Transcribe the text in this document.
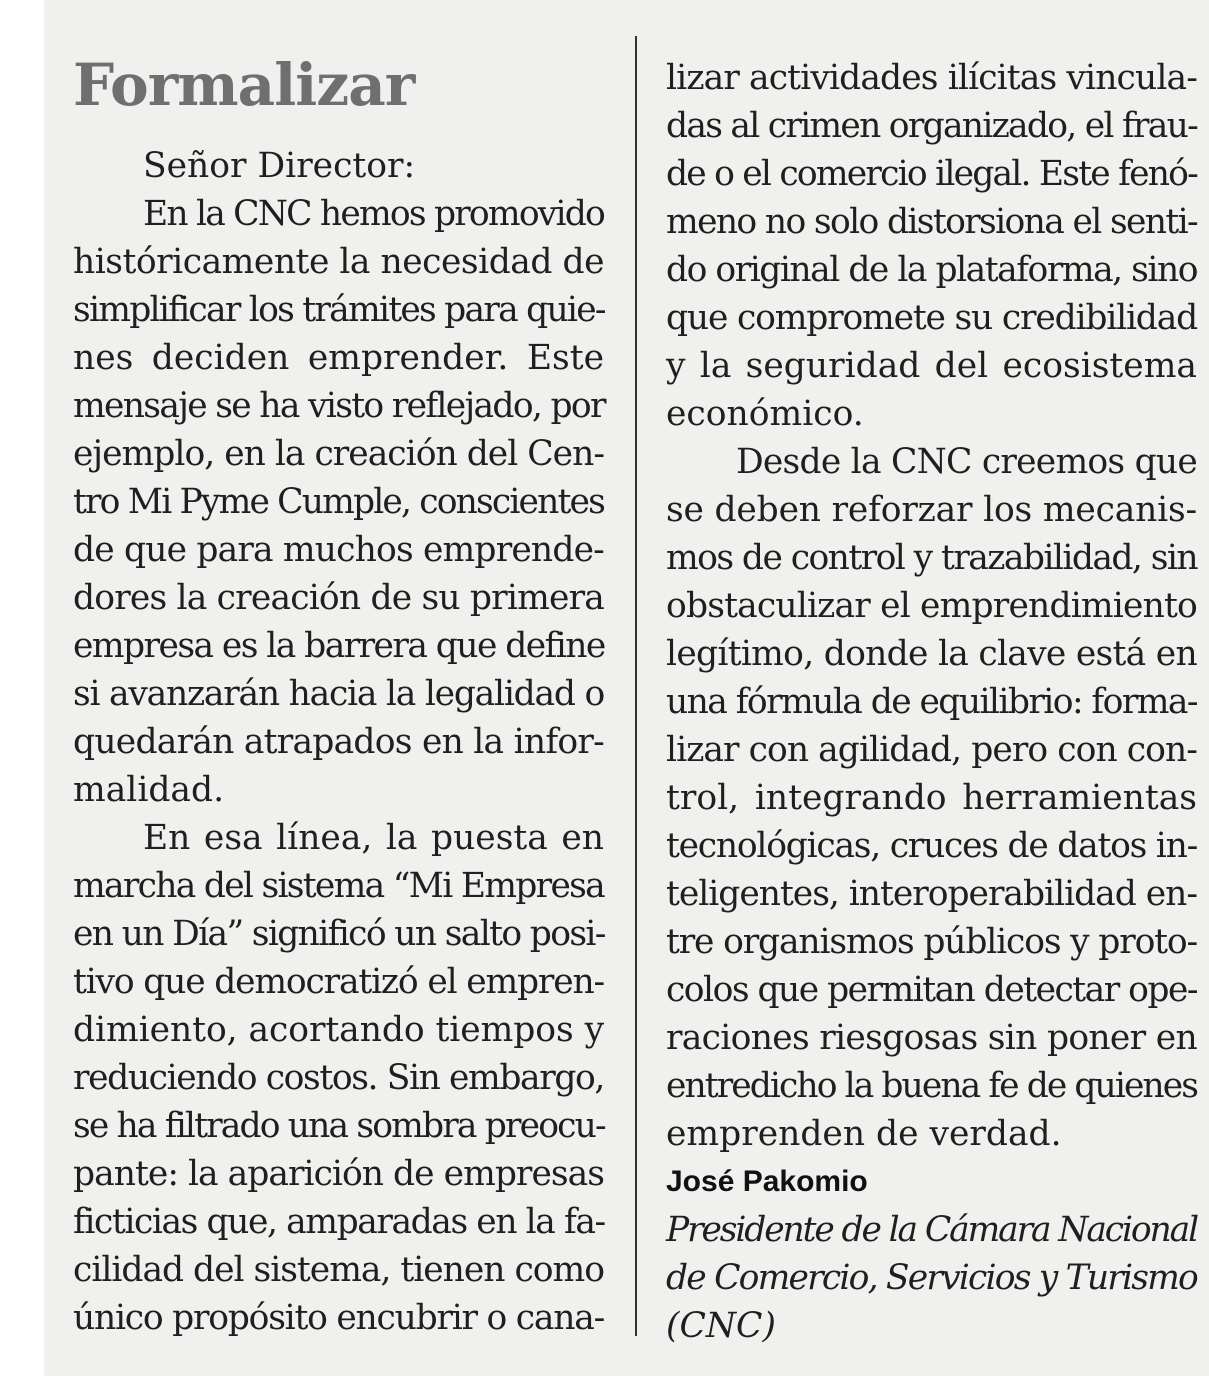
Formalizar
Señor Director:
En la CNC hemos promovido
históricamente la necesidad de
simplificar los trámites para quie-
nes deciden emprender. Este
mensaje se ha visto reflejado, por
ejemplo, en la creación del Cen-
tro Mi Pyme Cumple, conscientes
de que para muchos emprende-
dores la creación de su primera
empresa es la barrera que define
si avanzarán hacia la legalidad o
quedarán atrapados en la infor-
malidad.
En esa línea, la puesta en
marcha del sistema “Mi Empresa
en un Día” significó un salto posi-
tivo que democratizó el empren-
dimiento, acortando tiempos y
reduciendo costos. Sin embargo,
se ha filtrado una sombra preocu-
pante: la aparición de empresas
ficticias que, amparadas en la fa-
cilidad del sistema, tienen como
único propósito encubrir o cana-
lizar actividades ilícitas vincula-
das al crimen organizado, el frau-
de o el comercio ilegal. Este fenó-
meno no solo distorsiona el senti-
do original de la plataforma, sino
que compromete su credibilidad
y la seguridad del ecosistema
económico.
Desde la CNC creemos que
se deben reforzar los mecanis-
mos de control y trazabilidad, sin
obstaculizar el emprendimiento
legítimo, donde la clave está en
una fórmula de equilibrio: forma-
lizar con agilidad, pero con con-
trol, integrando herramientas
tecnológicas, cruces de datos in-
teligentes, interoperabilidad en-
tre organismos públicos y proto-
colos que permitan detectar ope-
raciones riesgosas sin poner en
entredicho la buena fe de quienes
emprenden de verdad.
José Pakomio
Presidente de la Cámara Nacional
de Comercio, Servicios y Turismo
(CNC)
